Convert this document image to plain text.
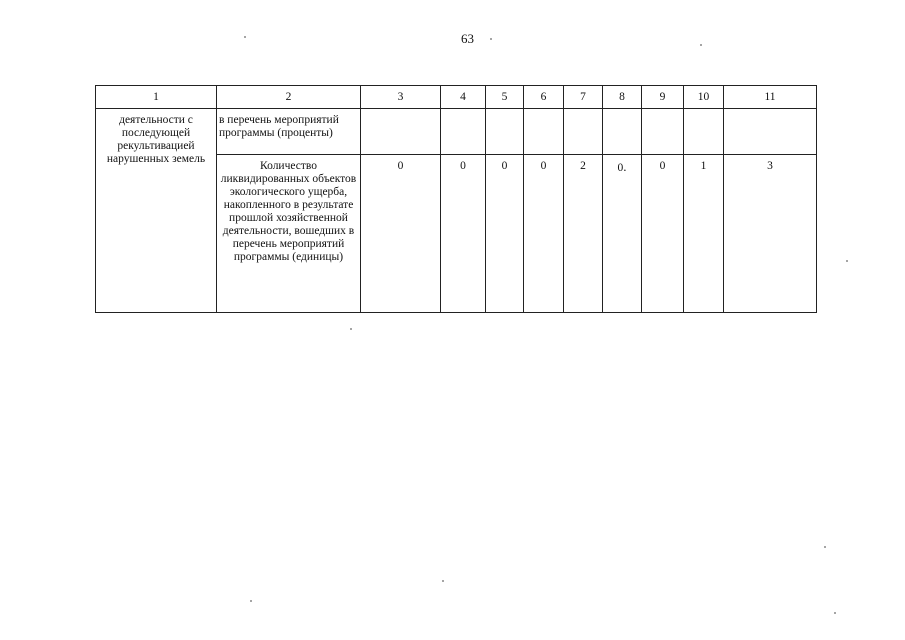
63
1	2	3	4	5	6	7	8	9	10	11
деятельности с последующей рекультивацией нарушенных земель	в перечень мероприятий программы (проценты)									
	Количество ликвидированных объектов экологического ущерба, накопленного в результате прошлой хозяйственной деятельности, вошедших в перечень мероприятий программы (единицы)	0	0	0	0	2	0.	0	1	3
